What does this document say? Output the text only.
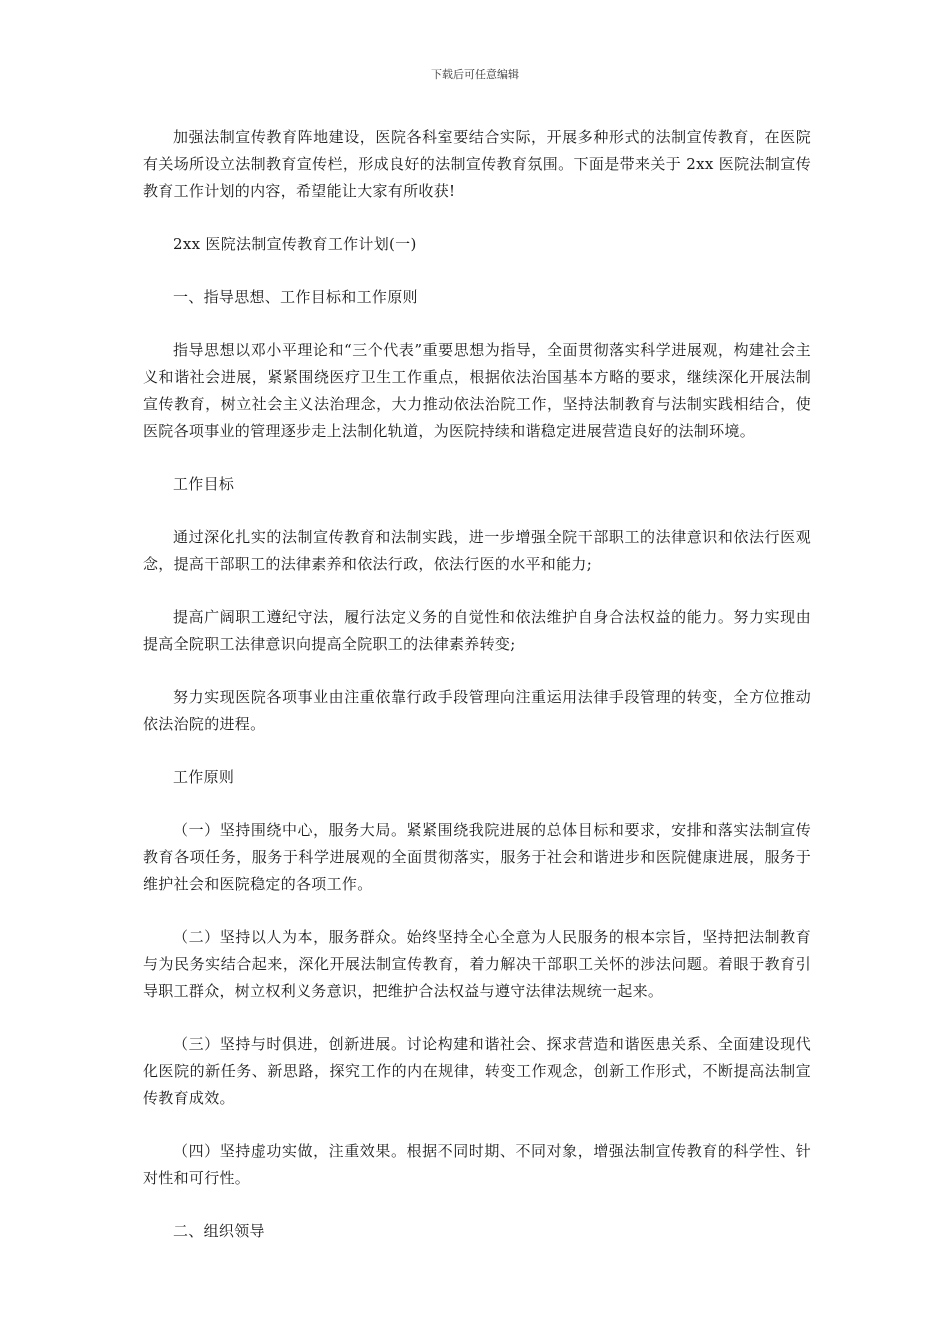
下载后可任意编辑

加强法制宣传教育阵地建设，医院各科室要结合实际，开展多种形式的法制宣传教育，在医院有关场所设立法制教育宣传栏，形成良好的法制宣传教育氛围。下面是带来关于 2xx 医院法制宣传教育工作计划的内容，希望能让大家有所收获!

2xx 医院法制宣传教育工作计划(一)

一、指导思想、工作目标和工作原则

指导思想以邓小平理论和“三个代表”重要思想为指导，全面贯彻落实科学进展观，构建社会主义和谐社会进展，紧紧围绕医疗卫生工作重点，根据依法治国基本方略的要求，继续深化开展法制宣传教育，树立社会主义法治理念，大力推动依法治院工作，坚持法制教育与法制实践相结合，使医院各项事业的管理逐步走上法制化轨道，为医院持续和谐稳定进展营造良好的法制环境。

工作目标

通过深化扎实的法制宣传教育和法制实践，进一步增强全院干部职工的法律意识和依法行医观念，提高干部职工的法律素养和依法行政，依法行医的水平和能力;

提高广阔职工遵纪守法，履行法定义务的自觉性和依法维护自身合法权益的能力。努力实现由提高全院职工法律意识向提高全院职工的法律素养转变;

努力实现医院各项事业由注重依靠行政手段管理向注重运用法律手段管理的转变，全方位推动依法治院的进程。

工作原则

（一）坚持围绕中心，服务大局。紧紧围绕我院进展的总体目标和要求，安排和落实法制宣传教育各项任务，服务于科学进展观的全面贯彻落实，服务于社会和谐进步和医院健康进展，服务于维护社会和医院稳定的各项工作。

（二）坚持以人为本，服务群众。始终坚持全心全意为人民服务的根本宗旨，坚持把法制教育与为民务实结合起来，深化开展法制宣传教育，着力解决干部职工关怀的涉法问题。着眼于教育引导职工群众，树立权利义务意识，把维护合法权益与遵守法律法规统一起来。

（三）坚持与时俱进，创新进展。讨论构建和谐社会、探求营造和谐医患关系、全面建设现代化医院的新任务、新思路，探究工作的内在规律，转变工作观念，创新工作形式，不断提高法制宣传教育成效。

（四）坚持虚功实做，注重效果。根据不同时期、不同对象，增强法制宣传教育的科学性、针对性和可行性。

二、组织领导
